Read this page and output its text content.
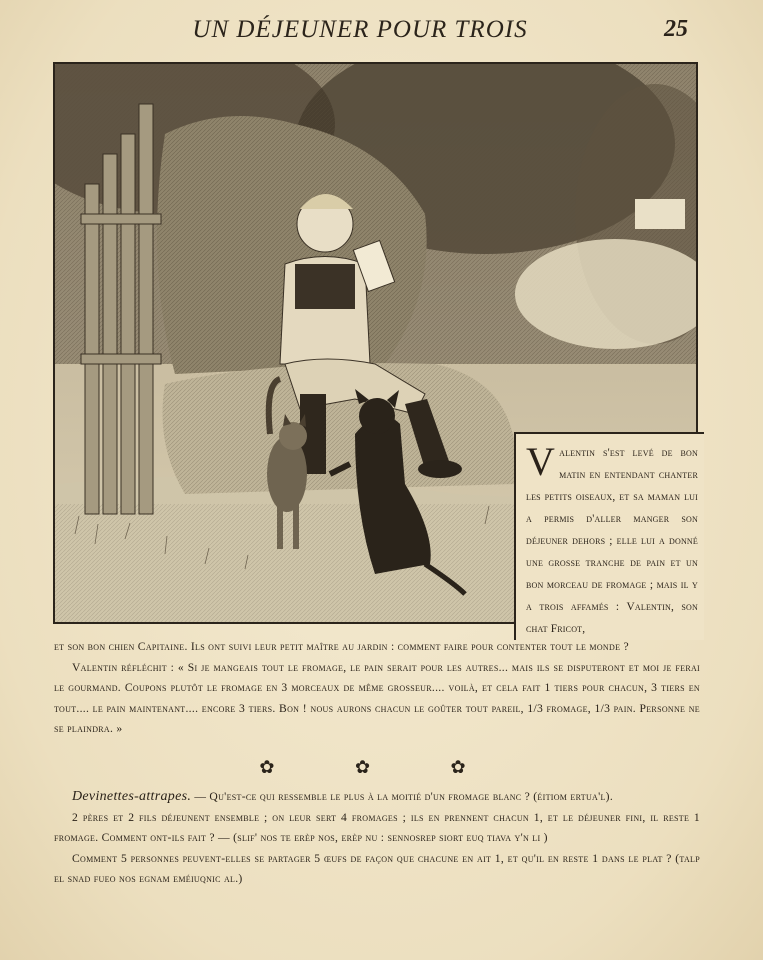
UN DÉJEUNER POUR TROIS	25
Valentin s'est levé de bon matin en entendant chanter les petits oiseaux, et sa maman lui a permis d'aller manger son déjeuner dehors ; elle lui a donné une grosse tranche de pain et un bon morceau de fromage ; mais il y a trois affamés : Valentin, son chat Fricot,

et son bon chien Capitaine. Ils ont suivi leur petit maître au jardin : comment faire pour contenter tout le monde ?

Valentin réfléchit : « Si je mangeais tout le fromage, le pain serait pour les autres... mais ils se disputeront et moi je ferai le gourmand. Coupons plutôt le fromage en 3 morceaux de même grosseur.... voilà, et cela fait 1 tiers pour chacun, 3 tiers en tout.... le pain maintenant.... encore 3 tiers. Bon ! nous aurons chacun le goûter tout pareil, 1/3 fromage, 1/3 pain. Personne ne se plaindra. »

✿ ✿ ✿

Devinettes-attrapes. — Qu'est-ce qui ressemble le plus à la moitié d'un fromage blanc ? (éitiom ertua'l).

2 pères et 2 fils déjeunent ensemble ; on leur sert 4 fromages ; ils en prennent chacun 1, et le déjeuner fini, il reste 1 fromage. Comment ont-ils fait ? — (slif' nos te erèp nos, erèp nu : sennosrep siort euq tiava y'n li )

Comment 5 personnes peuvent-elles se partager 5 œufs de façon que chacune en ait 1, et qu'il en reste 1 dans le plat ? (talp el snad fueo nos egnam eméiuqnic al.)
